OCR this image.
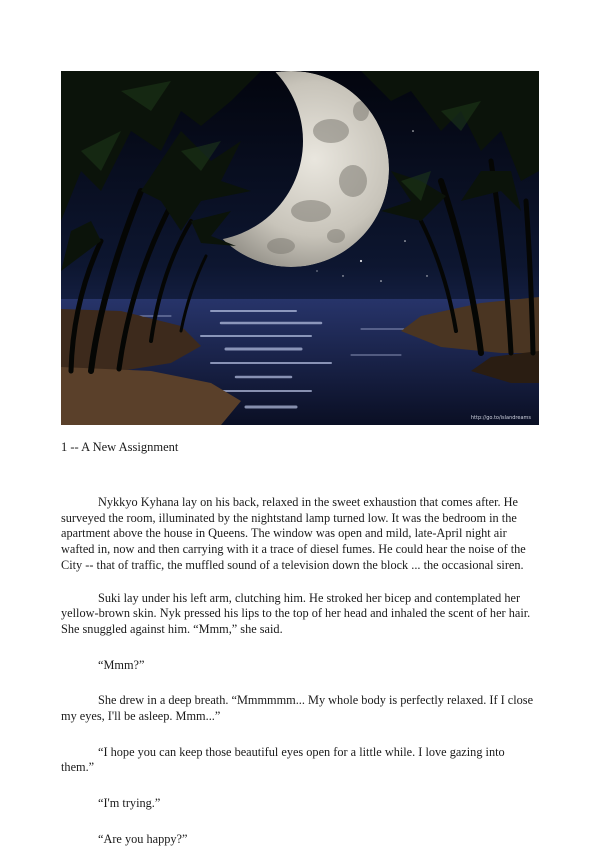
http://go.to/islandreams
1 -- A New Assignment

Nykkyo Kyhana lay on his back, relaxed in the sweet exhaustion that comes after. He surveyed the room, illuminated by the nightstand lamp turned low. It was the bedroom in the apartment above the house in Queens. The window was open and mild, late-April night air wafted in, now and then carrying with it a trace of diesel fumes. He could hear the noise of the City -- that of traffic, the muffled sound of a television down the block ... the occasional siren.

Suki lay under his left arm, clutching him. He stroked her bicep and contemplated her yellow-brown skin. Nyk pressed his lips to the top of her head and inhaled the scent of her hair. She snuggled against him. “Mmm,” she said.

“Mmm?”

She drew in a deep breath. “Mmmmmm... My whole body is perfectly relaxed. If I close my eyes, I'll be asleep. Mmm...”

“I hope you can keep those beautiful eyes open for a little while. I love gazing into them.”

“I'm trying.”

“Are you happy?”
